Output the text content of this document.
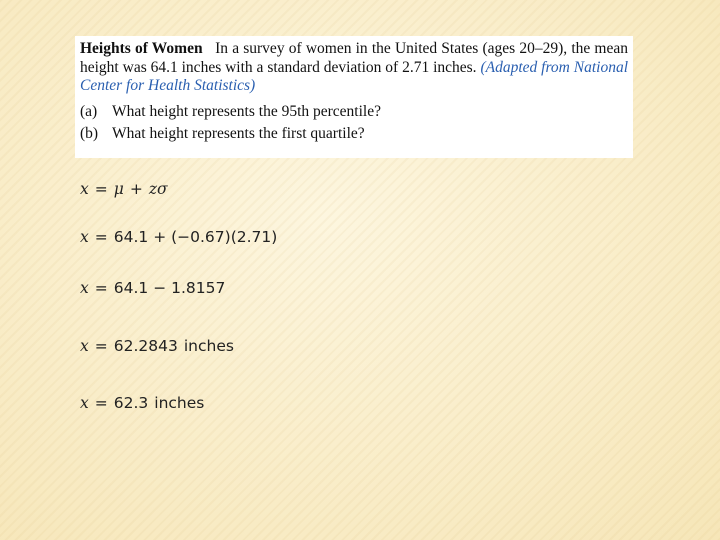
Heights of Women In a survey of women in the United States (ages 20–29), the mean height was 64.1 inches with a standard deviation of 2.71 inches. (Adapted from National Center for Health Statistics)

(a) What height represents the 95th percentile?
(b) What height represents the first quartile?
x = μ + zσ
x = 64.1 + (−0.67)(2.71)
x = 64.1 − 1.8157
x = 62.2843 inches
x = 62.3 inches
